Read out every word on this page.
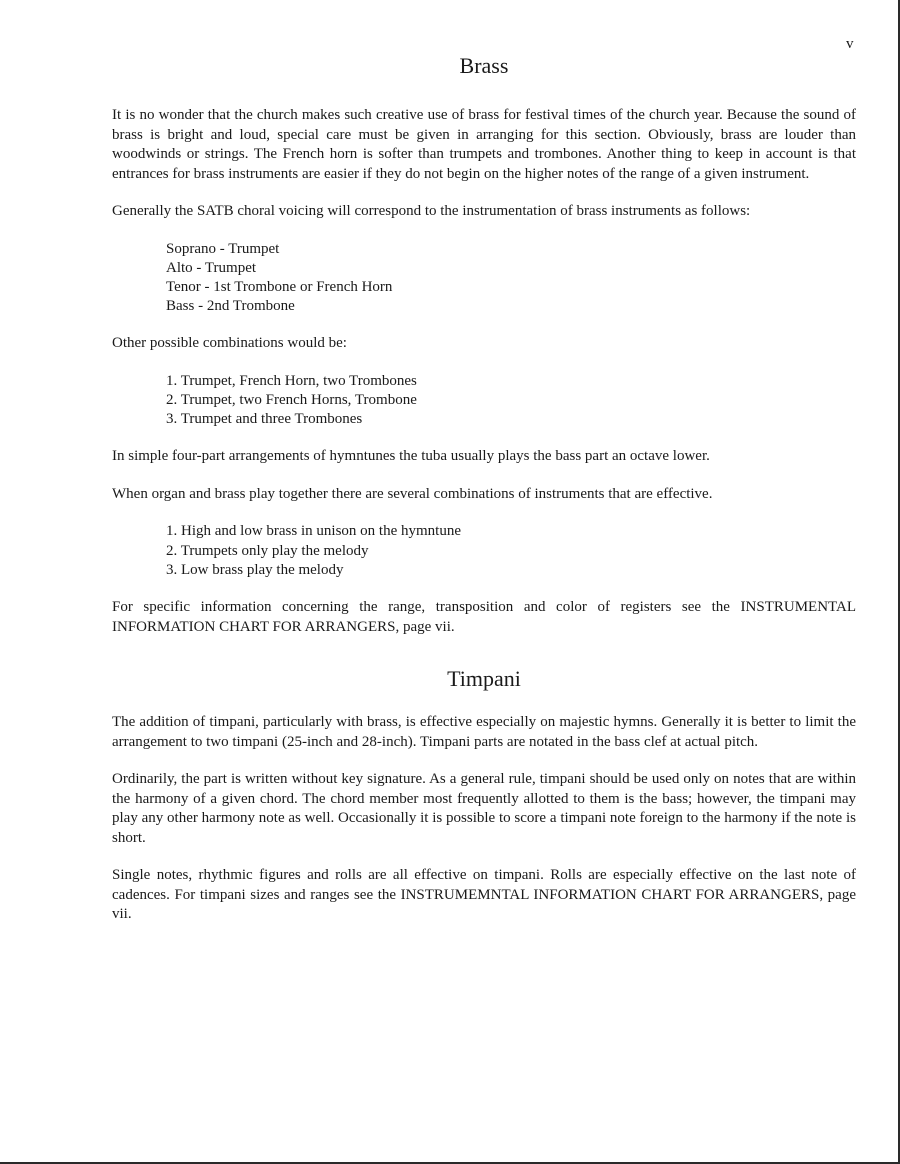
v
Brass

It is no wonder that the church makes such creative use of brass for festival times of the church year. Because the sound of brass is bright and loud, special care must be given in arranging for this section. Obviously, brass are louder than woodwinds or strings. The French horn is softer than trumpets and trombones. Another thing to keep in account is that entrances for brass instruments are easier if they do not begin on the higher notes of the range of a given instrument.

Generally the SATB choral voicing will correspond to the instrumentation of brass instruments as follows:

Soprano - Trumpet
Alto - Trumpet
Tenor - 1st Trombone or French Horn
Bass - 2nd Trombone

Other possible combinations would be:

1. Trumpet, French Horn, two Trombones
2. Trumpet, two French Horns, Trombone
3. Trumpet and three Trombones

In simple four-part arrangements of hymntunes the tuba usually plays the bass part an octave lower.

When organ and brass play together there are several combinations of instruments that are effective.

1. High and low brass in unison on the hymntune
2. Trumpets only play the melody
3. Low brass play the melody

For specific information concerning the range, transposition and color of registers see the INSTRUMENTAL INFORMATION CHART FOR ARRANGERS, page vii.

Timpani

The addition of timpani, particularly with brass, is effective especially on majestic hymns. Generally it is better to limit the arrangement to two timpani (25-inch and 28-inch). Timpani parts are notated in the bass clef at actual pitch.

Ordinarily, the part is written without key signature. As a general rule, timpani should be used only on notes that are within the harmony of a given chord. The chord member most frequently allotted to them is the bass; however, the timpani may play any other harmony note as well. Occasionally it is possible to score a timpani note foreign to the harmony if the note is short.

Single notes, rhythmic figures and rolls are all effective on timpani. Rolls are especially effective on the last note of cadences. For timpani sizes and ranges see the INSTRUMEMNTAL INFORMATION CHART FOR ARRANGERS, page vii.
